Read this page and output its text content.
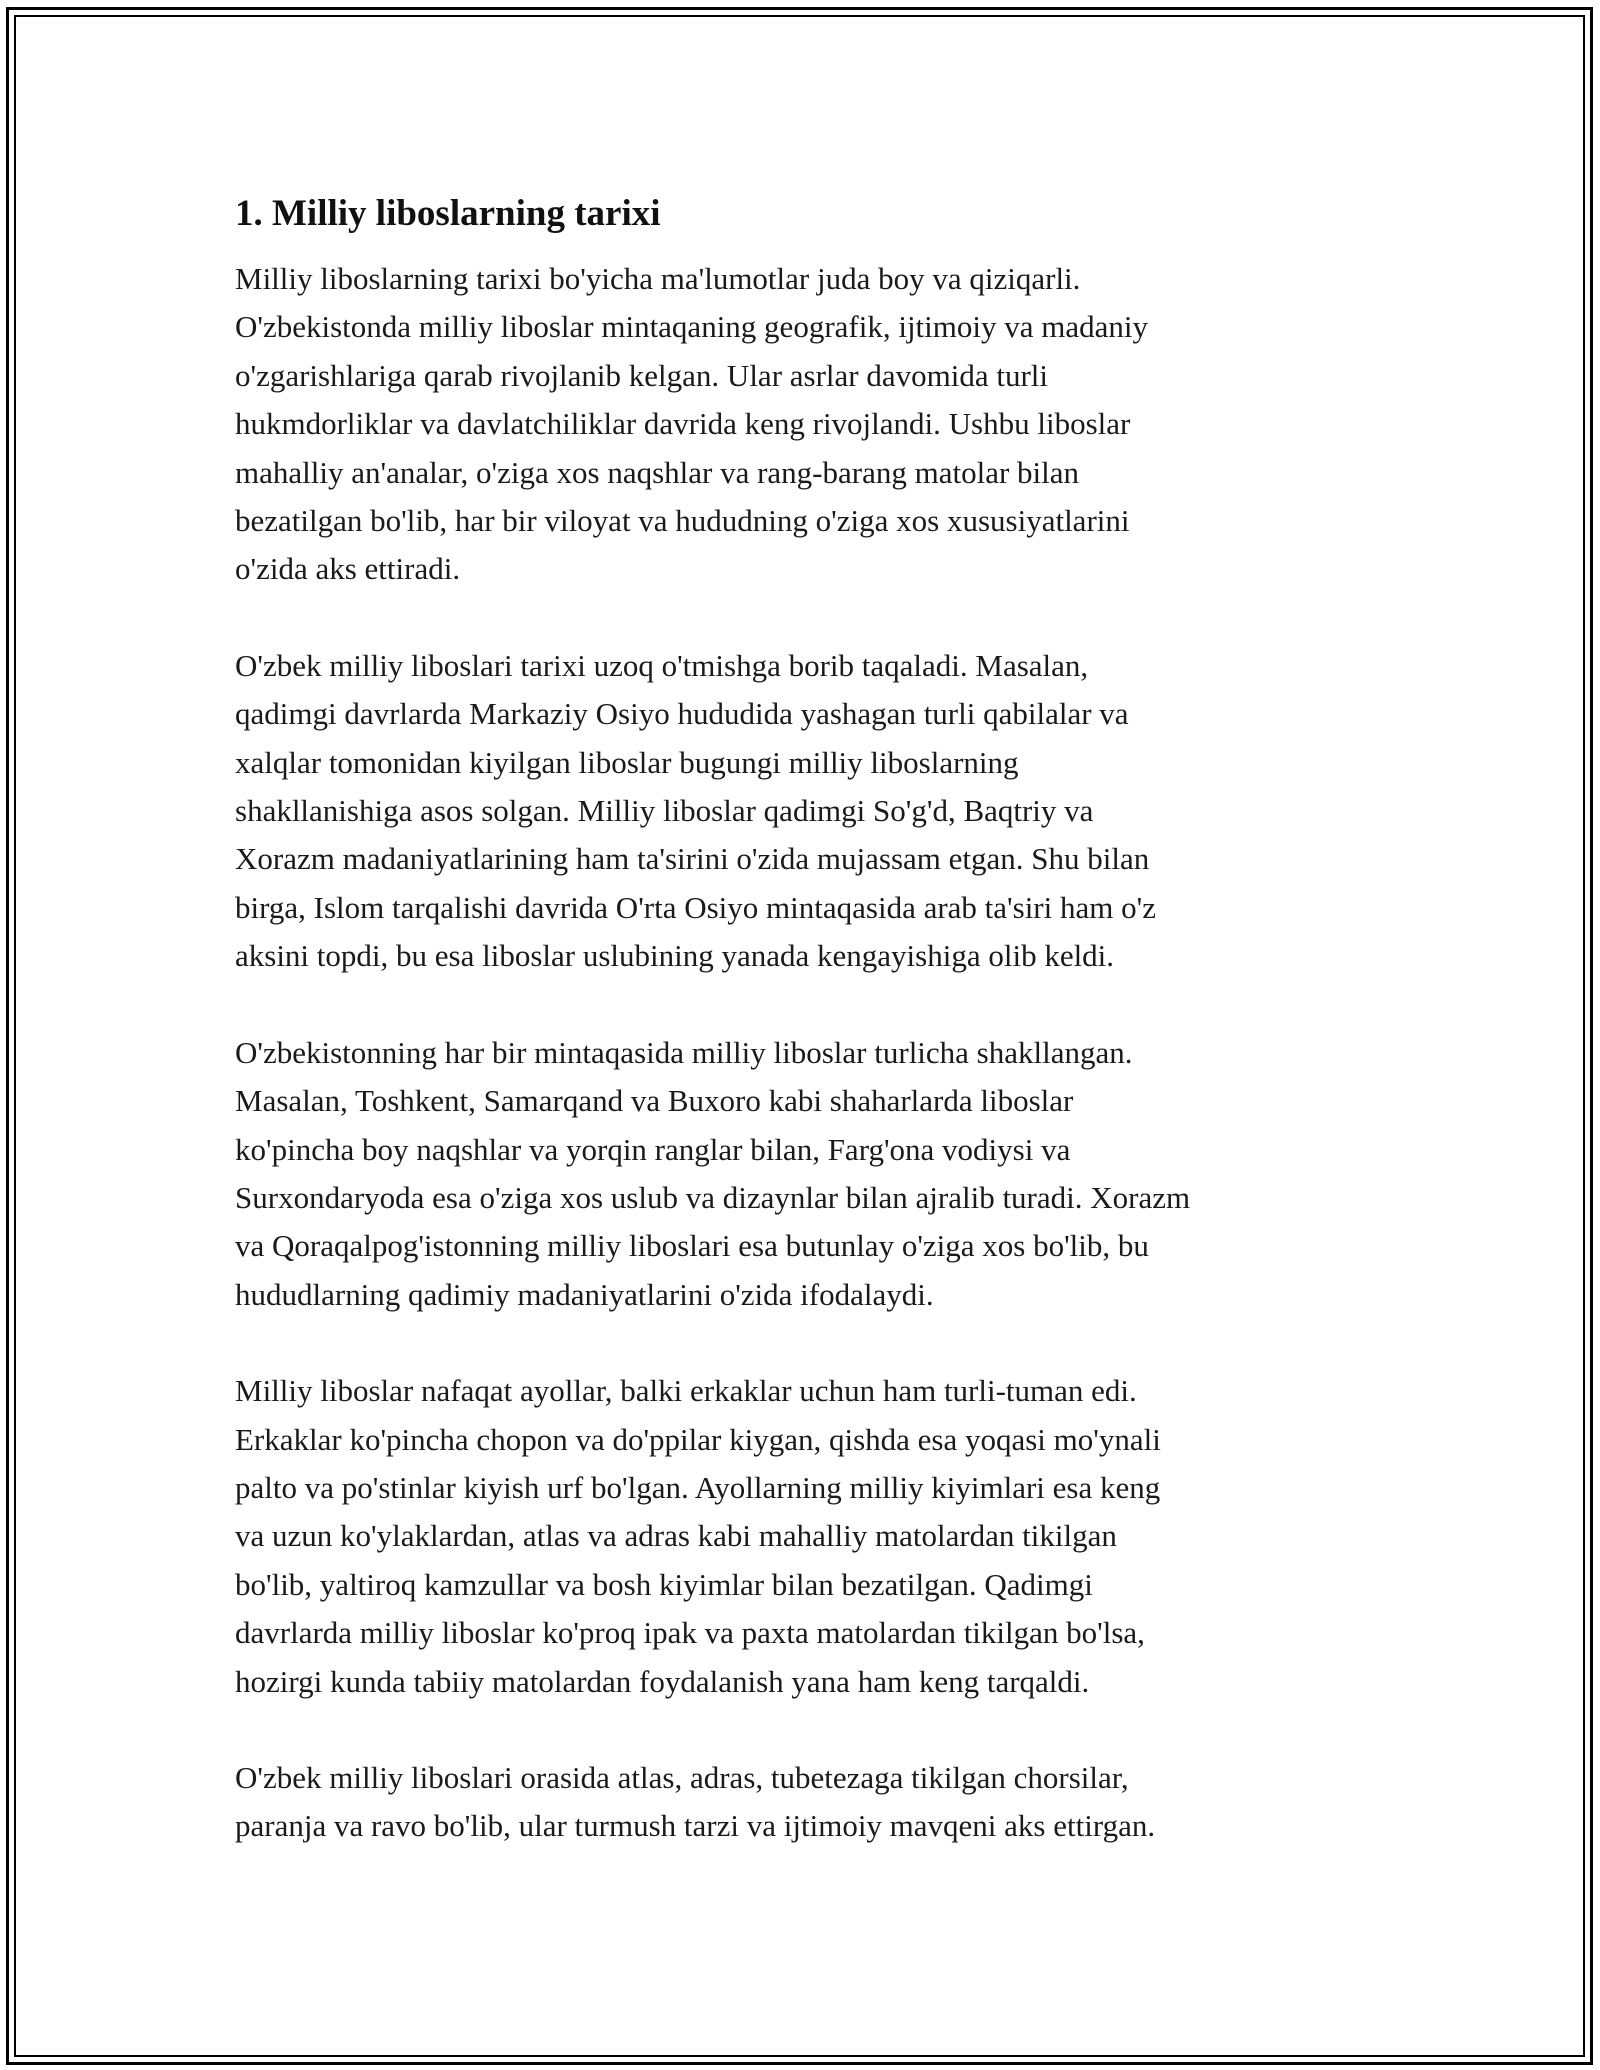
1. Milliy liboslarning tarixi

Milliy liboslarning tarixi bo'yicha ma'lumotlar juda boy va qiziqarli.
O'zbekistonda milliy liboslar mintaqaning geografik, ijtimoiy va madaniy
o'zgarishlariga qarab rivojlanib kelgan. Ular asrlar davomida turli
hukmdorliklar va davlatchiliklar davrida keng rivojlandi. Ushbu liboslar
mahalliy an'analar, o'ziga xos naqshlar va rang-barang matolar bilan
bezatilgan bo'lib, har bir viloyat va hududning o'ziga xos xususiyatlarini
o'zida aks ettiradi.

O'zbek milliy liboslari tarixi uzoq o'tmishga borib taqaladi. Masalan,
qadimgi davrlarda Markaziy Osiyo hududida yashagan turli qabilalar va
xalqlar tomonidan kiyilgan liboslar bugungi milliy liboslarning
shakllanishiga asos solgan. Milliy liboslar qadimgi So'g'd, Baqtriy va
Xorazm madaniyatlarining ham ta'sirini o'zida mujassam etgan. Shu bilan
birga, Islom tarqalishi davrida O'rta Osiyo mintaqasida arab ta'siri ham o'z
aksini topdi, bu esa liboslar uslubining yanada kengayishiga olib keldi.

O'zbekistonning har bir mintaqasida milliy liboslar turlicha shakllangan.
Masalan, Toshkent, Samarqand va Buxoro kabi shaharlarda liboslar
ko'pincha boy naqshlar va yorqin ranglar bilan, Farg'ona vodiysi va
Surxondaryoda esa o'ziga xos uslub va dizaynlar bilan ajralib turadi. Xorazm
va Qoraqalpog'istonning milliy liboslari esa butunlay o'ziga xos bo'lib, bu
hududlarning qadimiy madaniyatlarini o'zida ifodalaydi.

Milliy liboslar nafaqat ayollar, balki erkaklar uchun ham turli-tuman edi.
Erkaklar ko'pincha chopon va do'ppilar kiygan, qishda esa yoqasi mo'ynali
palto va po'stinlar kiyish urf bo'lgan. Ayollarning milliy kiyimlari esa keng
va uzun ko'ylaklardan, atlas va adras kabi mahalliy matolardan tikilgan
bo'lib, yaltiroq kamzullar va bosh kiyimlar bilan bezatilgan. Qadimgi
davrlarda milliy liboslar ko'proq ipak va paxta matolardan tikilgan bo'lsa,
hozirgi kunda tabiiy matolardan foydalanish yana ham keng tarqaldi.

O'zbek milliy liboslari orasida atlas, adras, tubetezaga tikilgan chorsilar,
paranja va ravo bo'lib, ular turmush tarzi va ijtimoiy mavqeni aks ettirgan.
